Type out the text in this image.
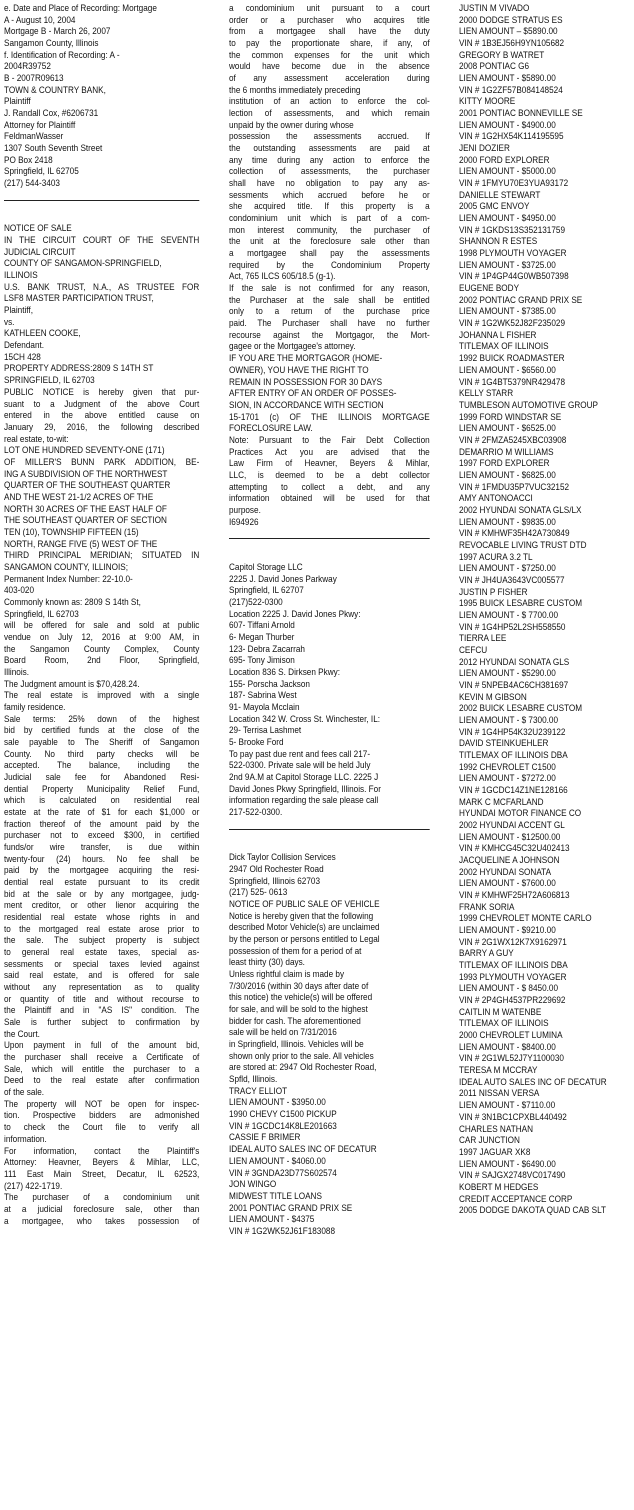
e. Date and Place of Recording: Mortgage
A - August 10, 2004
Mortgage B - March 26, 2007
Sangamon County, Illinois
f. Identification of Recording: A -
2004R39752
B - 2007R09613
TOWN & COUNTRY BANK,
Plaintiff
J. Randall Cox, #6206731
Attorney for Plaintiff
FeldmanWasser
1307 South Seventh Street
PO Box 2418
Springfield, IL 62705
(217) 544-3403
NOTICE OF SALE
IN THE CIRCUIT COURT OF THE SEVENTH
JUDICIAL CIRCUIT
COUNTY OF SANGAMON-SPRINGFIELD,
ILLINOIS
U.S. BANK TRUST, N.A., AS TRUSTEE FOR
LSF8 MASTER PARTICIPATION TRUST,
Plaintiff,
vs.
KATHLEEN COOKE,
Defendant.
15CH 428
PROPERTY ADDRESS:2809 S 14TH ST
SPRINGFIELD, IL 62703
PUBLIC NOTICE is hereby given that pur-
suant to a Judgment of the above Court
entered in the above entitled cause on
January 29, 2016, the following described
real estate, to-wit:
LOT ONE HUNDRED SEVENTY-ONE (171)
OF MILLER'S BUNN PARK ADDITION, BE-
ING A SUBDIVISION OF THE NORTHWEST
QUARTER OF THE SOUTHEAST QUARTER
AND THE WEST 21-1/2 ACRES OF THE
NORTH 30 ACRES OF THE EAST HALF OF
THE SOUTHEAST QUARTER OF SECTION
TEN (10), TOWNSHIP FIFTEEN (15)
NORTH, RANGE FIVE (5) WEST OF THE
THIRD PRINCIPAL MERIDIAN; SITUATED IN
SANGAMON COUNTY, ILLINOIS;
Permanent Index Number: 22-10.0-
403-020
Commonly known as: 2809 S 14th St,
Springfield, IL 62703
will be offered for sale and sold at public
vendue on July 12, 2016 at 9:00 AM, in
the Sangamon County Complex, County
Board Room, 2nd Floor, Springfield,
Illinois.
The Judgment amount is $70,428.24.
The real estate is improved with a single
family residence.
Sale terms: 25% down of the highest
bid by certified funds at the close of the
sale payable to The Sheriff of Sangamon
County. No third party checks will be
accepted. The balance, including the
Judicial sale fee for Abandoned Resi-
dential Property Municipality Relief Fund,
which is calculated on residential real
estate at the rate of $1 for each $1,000 or
fraction thereof of the amount paid by the
purchaser not to exceed $300, in certified
funds/or wire transfer, is due within
twenty-four (24) hours. No fee shall be
paid by the mortgagee acquiring the resi-
dential real estate pursuant to its credit
bid at the sale or by any mortgagee, judg-
ment creditor, or other lienor acquiring the
residential real estate whose rights in and
to the mortgaged real estate arose prior to
the sale. The subject property is subject
to general real estate taxes, special as-
sessments or special taxes levied against
said real estate, and is offered for sale
without any representation as to quality
or quantity of title and without recourse to
the Plaintiff and in "AS IS" condition. The
Sale is further subject to confirmation by
the Court.
Upon payment in full of the amount bid,
the purchaser shall receive a Certificate of
Sale, which will entitle the purchaser to a
Deed to the real estate after confirmation
of the sale.
The property will NOT be open for inspec-
tion. Prospective bidders are admonished
to check the Court file to verify all
information.
For information, contact the Plaintiff's
Attorney: Heavner, Beyers & Mihlar, LLC,
111 East Main Street, Decatur, IL 62523,
(217) 422-1719.
The purchaser of a condominium unit
at a judicial foreclosure sale, other than
a mortgagee, who takes possession of
a condominium unit pursuant to a court
order or a purchaser who acquires title
from a mortgagee shall have the duty
to pay the proportionate share, if any, of
the common expenses for the unit which
would have become due in the absence
of any assessment acceleration during
the 6 months immediately preceding
institution of an action to enforce the col-
lection of assessments, and which remain
unpaid by the owner during whose
possession the assessments accrued. If
the outstanding assessments are paid at
any time during any action to enforce the
collection of assessments, the purchaser
shall have no obligation to pay any as-
sessments which accrued before he or
she acquired title. If this property is a
condominium unit which is part of a com-
mon interest community, the purchaser of
the unit at the foreclosure sale other than
a mortgagee shall pay the assessments
required by the Condominium Property
Act, 765 ILCS 605/18.5 (g-1).
If the sale is not confirmed for any reason,
the Purchaser at the sale shall be entitled
only to a return of the purchase price
paid. The Purchaser shall have no further
recourse against the Mortgagor, the Mort-
gagee or the Mortgagee's attorney.
IF YOU ARE THE MORTGAGOR (HOME-
OWNER), YOU HAVE THE RIGHT TO
REMAIN IN POSSESSION FOR 30 DAYS
AFTER ENTRY OF AN ORDER OF POSSES-
SION, IN ACCORDANCE WITH SECTION
15-1701 (c) OF THE ILLINOIS MORTGAGE
FORECLOSURE LAW.
Note: Pursuant to the Fair Debt Collection
Practices Act you are advised that the
Law Firm of Heavner, Beyers & Mihlar,
LLC, is deemed to be a debt collector
attempting to collect a debt, and any
information obtained will be used for that
purpose.
I694926
Capitol Storage LLC
2225 J. David Jones Parkway
Springfield, IL 62707
(217)522-0300
Location 2225 J. David Jones Pkwy:
607- Tiffani Arnold
6- Megan Thurber
123- Debra Zacarrah
695- Tony Jimison
Location 836 S. Dirksen Pkwy:
155- Porscha Jackson
187- Sabrina West
91- Mayola Mcclain
Location 342 W. Cross St. Winchester, IL:
29- Terrisa Lashmet
5- Brooke Ford
To pay past due rent and fees call 217-
522-0300. Private sale will be held July
2nd 9A.M at Capitol Storage LLC. 2225 J
David Jones Pkwy Springfield, Illinois. For
information regarding the sale please call
217-522-0300.
Dick Taylor Collision Services
2947 Old Rochester Road
Springfield, Illinois 62703
(217) 525- 0613
NOTICE OF PUBLIC SALE OF VEHICLE
Notice is hereby given that the following
described Motor Vehicle(s) are unclaimed
by the person or persons entitled to Legal
possession of them for a period of at
least thirty (30) days.
Unless rightful claim is made by
7/30/2016 (within 30 days after date of
this notice) the vehicle(s) will be offered
for sale, and will be sold to the highest
bidder for cash. The aforementioned
sale will be held on 7/31/2016
in Springfield, Illinois. Vehicles will be
shown only prior to the sale. All vehicles
are stored at: 2947 Old Rochester Road,
Spfld, Illinois.
TRACY ELLIOT
LIEN AMOUNT - $3950.00
1990 CHEVY C1500 PICKUP
VIN # 1GCDC14K8LE201663
CASSIE F BRIMER
IDEAL AUTO SALES INC OF DECATUR
LIEN AMOUNT - $4060.00
VIN # 3GNDA23D77S602574
JON WINGO
MIDWEST TITLE LOANS
2001 PONTIAC GRAND PRIX SE
LIEN AMOUNT - $4375
VIN # 1G2WK52J61F183088
JUSTIN M VIVADO
2000 DODGE STRATUS ES
LIEN AMOUNT – $5890.00
VIN # 1B3EJ56H9YN105682
GREGORY B WATRET
2008 PONTIAC G6
LIEN AMOUNT - $5890.00
VIN # 1G2ZF57B084148524
KITTY MOORE
2001 PONTIAC BONNEVILLE SE
LIEN AMOUNT - $4900.00
VIN # 1G2HX54K114195595
JENI DOZIER
2000 FORD EXPLORER
LIEN AMOUNT - $5000.00
VIN # 1FMYU70E3YUA93172
DANIELLE STEWART
2005 GMC ENVOY
LIEN AMOUNT - $4950.00
VIN # 1GKDS13S352131759
SHANNON R ESTES
1998 PLYMOUTH VOYAGER
LIEN AMOUNT - $3725.00
VIN # 1P4GP44G0WB507398
EUGENE BODY
2002 PONTIAC GRAND PRIX SE
LIEN AMOUNT - $7385.00
VIN # 1G2WK52J82F235029
JOHANNA L FISHER
TITLEMAX OF ILLINOIS
1992 BUICK ROADMASTER
LIEN AMOUNT - $6560.00
VIN # 1G4BT5379NR429478
KELLY STARR
TUMBLESON AUTOMOTIVE GROUP
1999 FORD WINDSTAR SE
LIEN AMOUNT - $6525.00
VIN # 2FMZA5245XBC03908
DEMARRIO M WILLIAMS
1997 FORD EXPLORER
LIEN AMOUNT - $6825.00
VIN # 1FMDU35P7VUC32152
AMY ANTONOACCI
2002 HYUNDAI SONATA GLS/LX
LIEN AMOUNT - $9835.00
VIN # KMHWF35H42A730849
REVOCABLE LIVING TRUST DTD
1997 ACURA 3.2 TL
LIEN AMOUNT - $7250.00
VIN # JH4UA3643VC005577
JUSTIN P FISHER
1995 BUICK LESABRE CUSTOM
LIEN AMOUNT - $ 7700.00
VIN # 1G4HP52L2SH558550
TIERRA LEE
CEFCU
2012 HYUNDAI SONATA GLS
LIEN AMOUNT - $5290.00
VIN # 5NPEB4AC6CH381697
KEVIN M GIBSON
2002 BUICK LESABRE CUSTOM
LIEN AMOUNT - $ 7300.00
VIN # 1G4HP54K32U239122
DAVID STEINKUEHLER
TITLEMAX OF ILLINOIS DBA
1992 CHEVROLET C1500
LIEN AMOUNT - $7272.00
VIN # 1GCDC14Z1NE128166
MARK C MCFARLAND
HYUNDAI MOTOR FINANCE CO
2002 HYUNDAI ACCENT GL
LIEN AMOUNT - $12500.00
VIN # KMHCG45C32U402413
JACQUELINE A JOHNSON
2002 HYUNDAI SONATA
LIEN AMOUNT - $7600.00
VIN # KMHWF25H72A606813
FRANK SORIA
1999 CHEVROLET MONTE CARLO
LIEN AMOUNT - $9210.00
VIN # 2G1WX12K7X9162971
BARRY A GUY
TITLEMAX OF ILLINOIS DBA
1993 PLYMOUTH VOYAGER
LIEN AMOUNT - $ 8450.00
VIN # 2P4GH4537PR229692
CAITLIN M WATENBE
TITLEMAX OF ILLINOIS
2000 CHEVROLET LUMINA
LIEN AMOUNT - $8400.00
VIN # 2G1WL52J7Y1100030
TERESA M MCCRAY
IDEAL AUTO SALES INC OF DECATUR
2011 NISSAN VERSA
LIEN AMOUNT - $7110.00
VIN # 3N1BC1CPXBL440492
CHARLES NATHAN
CAR JUNCTION
1997 JAGUAR XK8
LIEN AMOUNT - $6490.00
VIN # SAJGX2748VC017490
KOBERT M HEDGES
CREDIT ACCEPTANCE CORP
2005 DODGE DAKOTA QUAD CAB SLT
